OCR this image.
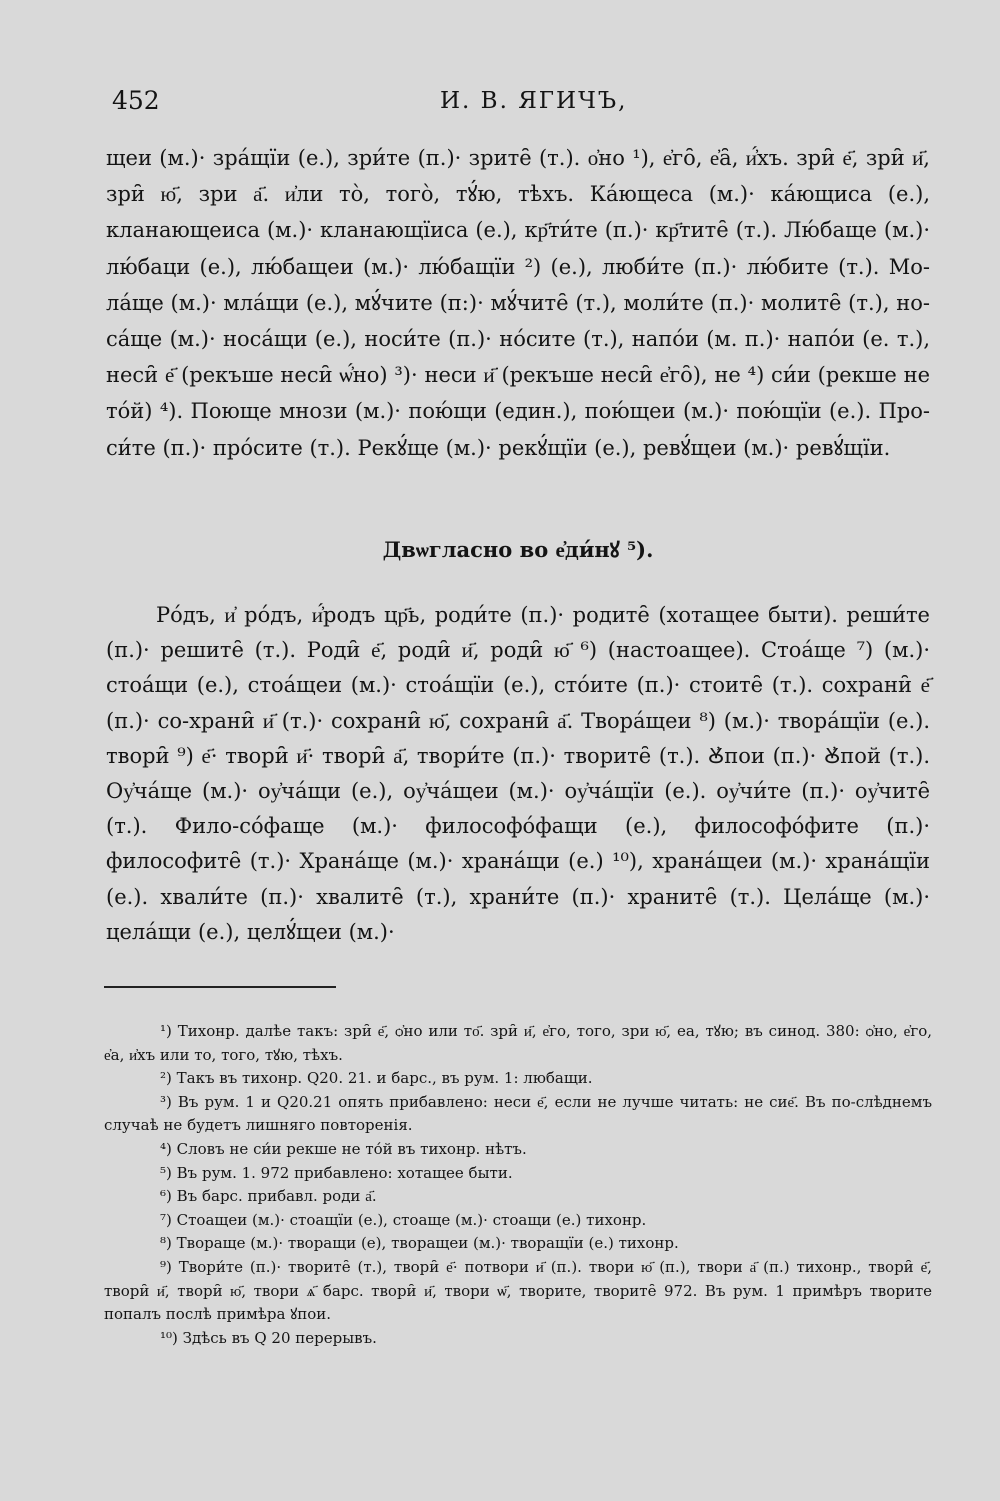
452	И. В. ЯГИЧЪ,

щеи (м.)· зра́щїи (е.), зри́те (п.)· зрите̑ (т.). о҆но ¹), е҆го̑, е҆а̑, и҆́хъ. зри̑ е҃, зри̑ и҃, зри̑ ю҃, зри а҃. и҆ли то̀, того̀, тꙋ́ю, тѣхъ. Ка́ющеса (м.)· ка́ющиса (е.), кланающеиса (м.)· кланающїиса (е.), кр҃ти́те (п.)· кр҃тите̑ (т.). Лю́баще (м.)· лю́баци (е.), лю́бащеи (м.)· лю́бащїи ²) (е.), люби́те (п.)· лю́бите (т.). Мо-ла́ще (м.)· мла́щи (е.), мꙋ́чите (п:)· мꙋ́чите̑ (т.), моли́те (п.)· молите̑ (т.), но-са́ще (м.)· носа́щи (е.), носи́те (п.)· но́сите (т.), напо́и (м. п.)· напо́и (е. т.), неси̑ е҃ (рекъше неси̑ ѡ҆́но) ³)· неси и҃ (рекъше неси̑ е҆го̑), не ⁴) си́и (рекше не то́й) ⁴). Поюще мнози (м.)· пою́щи (един.), пою́щеи (м.)· пою́щїи (е.). Про-си́те (п.)· про́сите (т.). Рекꙋ́ще (м.)· рекꙋ́щїи (е.), ревꙋ́щеи (м.)· ревꙋ́щїи.

Двѡгласно во е҆ди́нꙋ ⁵).

Ро́дъ, и҆ ро́дъ, и҆́родъ цр҃ь, роди́те (п.)· родите̑ (хотащее быти). реши́те (п.)· решите̑ (т.). Роди̑ е҃, роди̑ и҃, роди̑ ю҃ ⁶) (настоащее). Стоа́ще ⁷) (м.)· стоа́щи (е.), стоа́щеи (м.)· стоа́щїи (е.), сто́ите (п.)· стоите̑ (т.). сохрани̑ е҃ (п.)· со-храни̑ и҃ (т.)· сохрани̑ ю҃, сохрани̑ а҃. Твора́щеи ⁸) (м.)· твора́щїи (е.). твори̑ ⁹) е҃· твори̑ и҃· твори̑ а҃, твори́те (п.)· творите̑ (т.). Ꙋ҆пои (п.)· Ꙋ҆пой (т.). Оу҆ча́ще (м.)· оу҆ча́щи (е.), оу҆ча́щеи (м.)· оу҆ча́щїи (е.). оу҆чи́те (п.)· оу҆чите̑ (т.). Фило-со́фаще (м.)· философо́фащи (е.), философо́фите (п.)· философите̑ (т.)· Храна́ще (м.)· храна́щи (е.) ¹⁰), храна́щеи (м.)· храна́щїи (е.). хвали́те (п.)· хвалите̑ (т.), храни́те (п.)· храните̑ (т.). Цела́ще (м.)· цела́щи (е.), целꙋ́щеи (м.)·

¹) Тихонр. далѣе такъ: зри̑ е҃, ѻ҆но или то҃. зри̑ и҃, е҆го, того, зри ю҃, еа, тꙋю; въ синод. 380: ѻ҆но, е҆го, е҆а, и҆хъ или то, того, тꙋю, тѣхъ.

²) Такъ въ тихонр. Q20. 21. и барс., въ рум. 1: любащи.

³) Въ рум. 1 и Q20.21 опять прибавлено: неси е҃, если не лучше читать: не сие҃. Въ по-слѣднемъ случаѣ не будетъ лишняго повторенія.

⁴) Словъ не си́и рекше не то́й въ тихонр. нѣтъ.

⁵) Въ рум. 1. 972 прибавлено: хотащее быти.

⁶) Въ барс. прибавл. роди а҃.

⁷) Стоащеи (м.)· стоащїи (е.), стоаще (м.)· стоащи (е.) тихонр.

⁸) Твораще (м.)· творащи (е), творащеи (м.)· творащїи (е.) тихонр.

⁹) Твори́те (п.)· творите̑ (т.), твори̑ е҃· потвори и҃ (п.). твори ю҃ (п.), твори а҃ (п.) тихонр., твори̑ е҃, твори̑ и҃, твори̑ ю҃, твори ѧ҃ барс. твори̑ и҃, твори ѡ҃, творите, творите̑ 972. Въ рум. 1 примѣръ творите попалъ послѣ примѣра ꙋпои.

¹⁰) Здѣсь въ Q 20 перерывъ.
